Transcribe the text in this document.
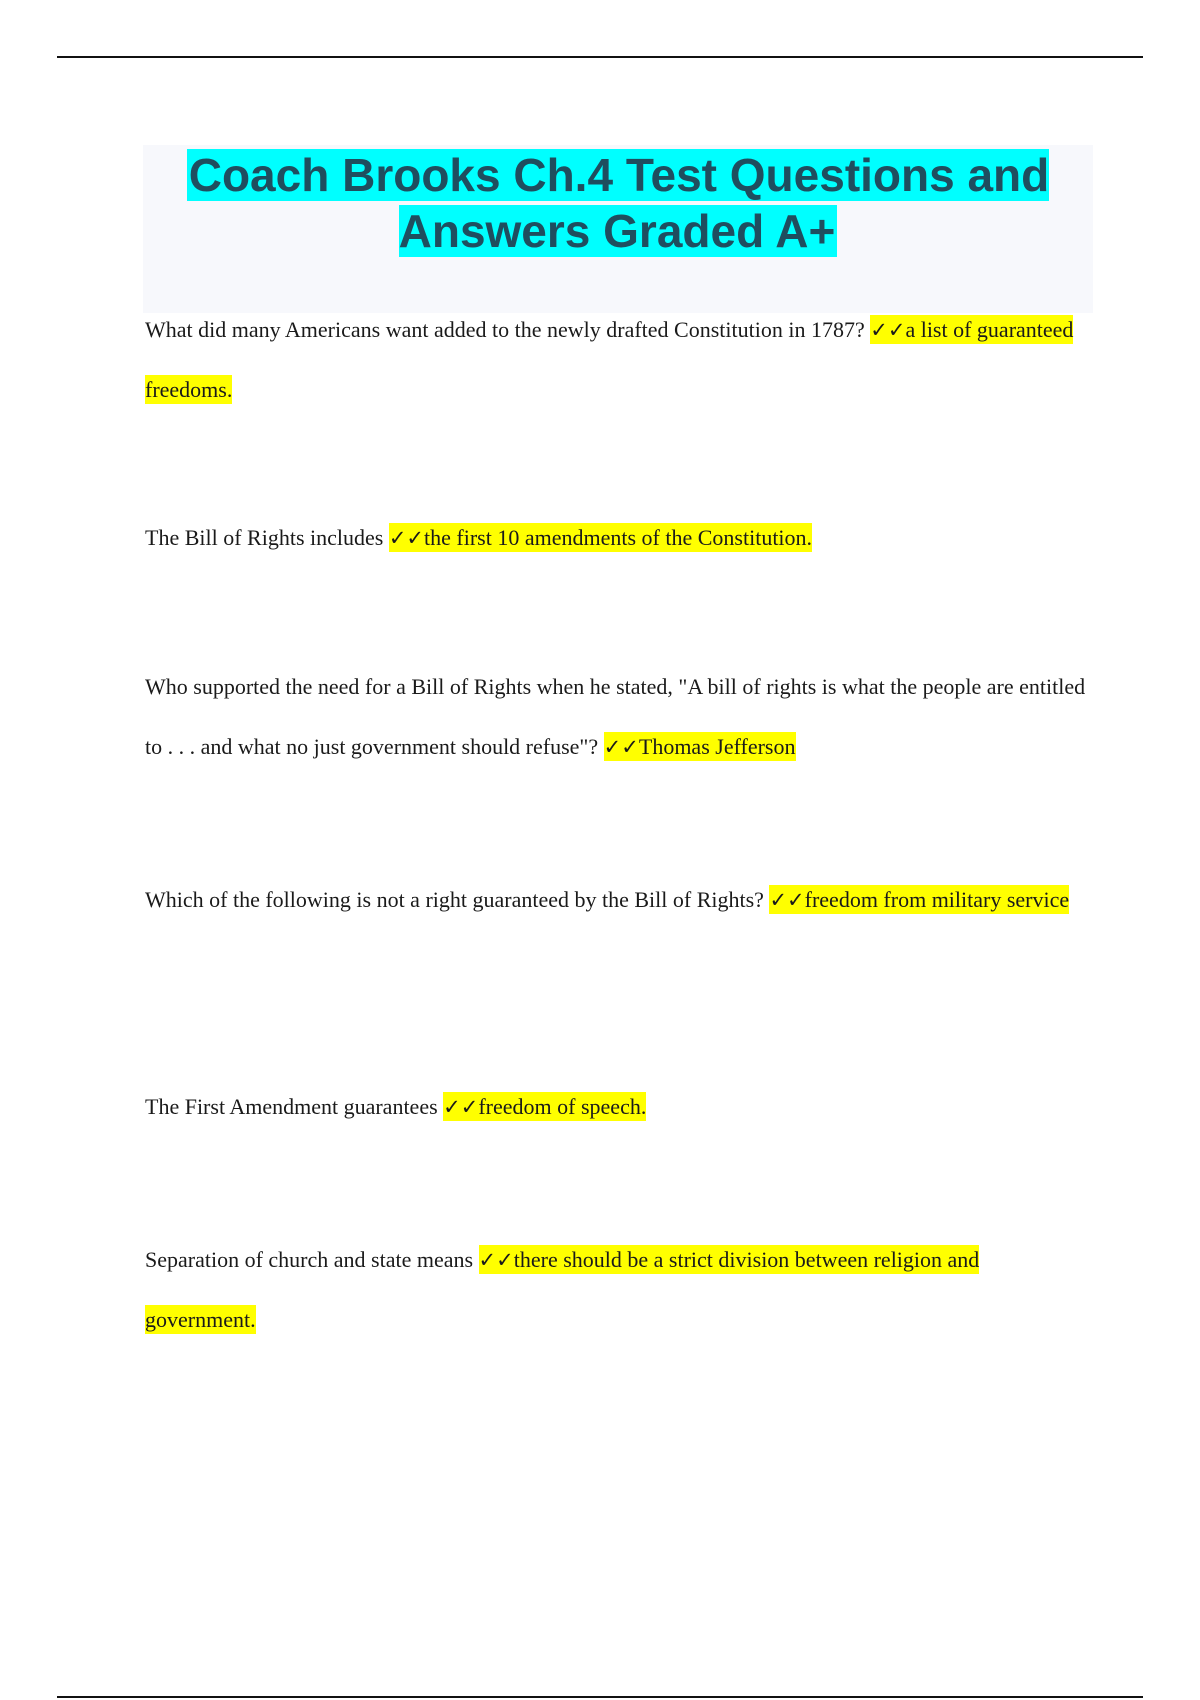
Coach Brooks Ch.4 Test Questions and Answers Graded A+

What did many Americans want added to the newly drafted Constitution in 1787? ✓✓a list of guaranteed freedoms.

The Bill of Rights includes ✓✓the first 10 amendments of the Constitution.

Who supported the need for a Bill of Rights when he stated, "A bill of rights is what the people are entitled to . . . and what no just government should refuse"? ✓✓Thomas Jefferson

Which of the following is not a right guaranteed by the Bill of Rights? ✓✓freedom from military service

The First Amendment guarantees ✓✓freedom of speech.

Separation of church and state means ✓✓there should be a strict division between religion and government.
